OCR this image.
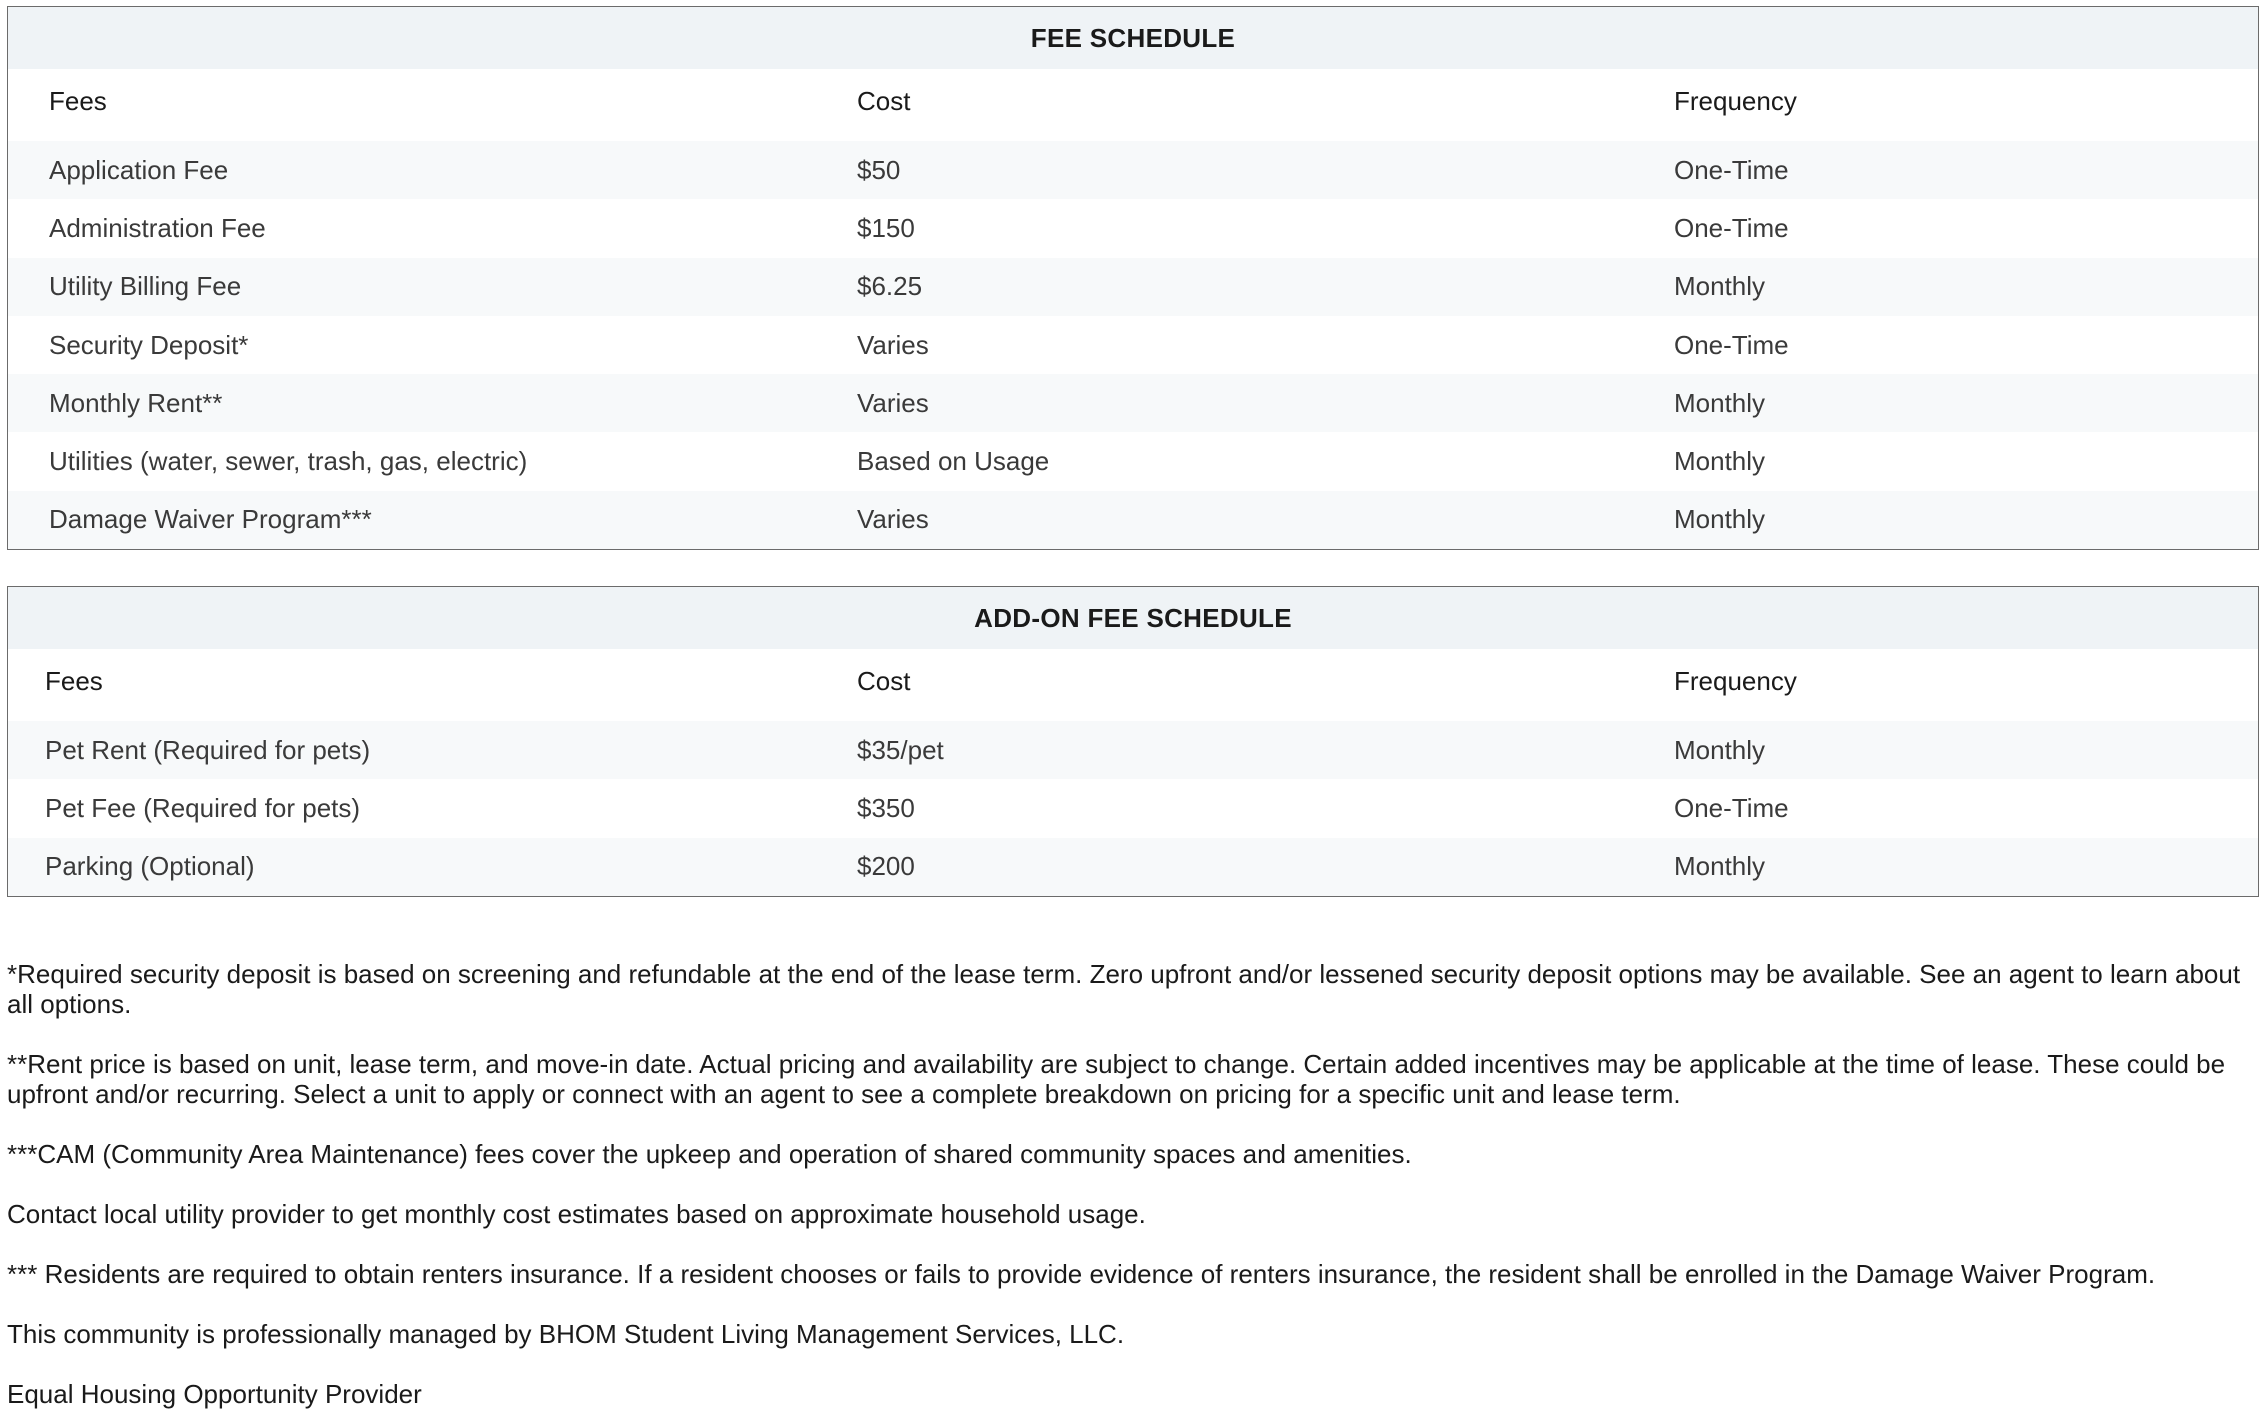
FEE SCHEDULE
Fees	Cost	Frequency
Application Fee	$50	One-Time
Administration Fee	$150	One-Time
Utility Billing Fee	$6.25	Monthly
Security Deposit*	Varies	One-Time
Monthly Rent**	Varies	Monthly
Utilities (water, sewer, trash, gas, electric)	Based on Usage	Monthly
Damage Waiver Program***	Varies	Monthly
ADD-ON FEE SCHEDULE
Fees	Cost	Frequency
Pet Rent (Required for pets)	$35/pet	Monthly
Pet Fee (Required for pets)	$350	One-Time
Parking (Optional)	$200	Monthly

*Required security deposit is based on screening and refundable at the end of the lease term. Zero upfront and/or lessened security deposit options may be available. See an agent to learn about all options.

**Rent price is based on unit, lease term, and move-in date. Actual pricing and availability are subject to change. Certain added incentives may be applicable at the time of lease. These could be upfront and/or recurring. Select a unit to apply or connect with an agent to see a complete breakdown on pricing for a specific unit and lease term.

***CAM (Community Area Maintenance) fees cover the upkeep and operation of shared community spaces and amenities.

Contact local utility provider to get monthly cost estimates based on approximate household usage.

*** Residents are required to obtain renters insurance. If a resident chooses or fails to provide evidence of renters insurance, the resident shall be enrolled in the Damage Waiver Program.

This community is professionally managed by BHOM Student Living Management Services, LLC.

Equal Housing Opportunity Provider
